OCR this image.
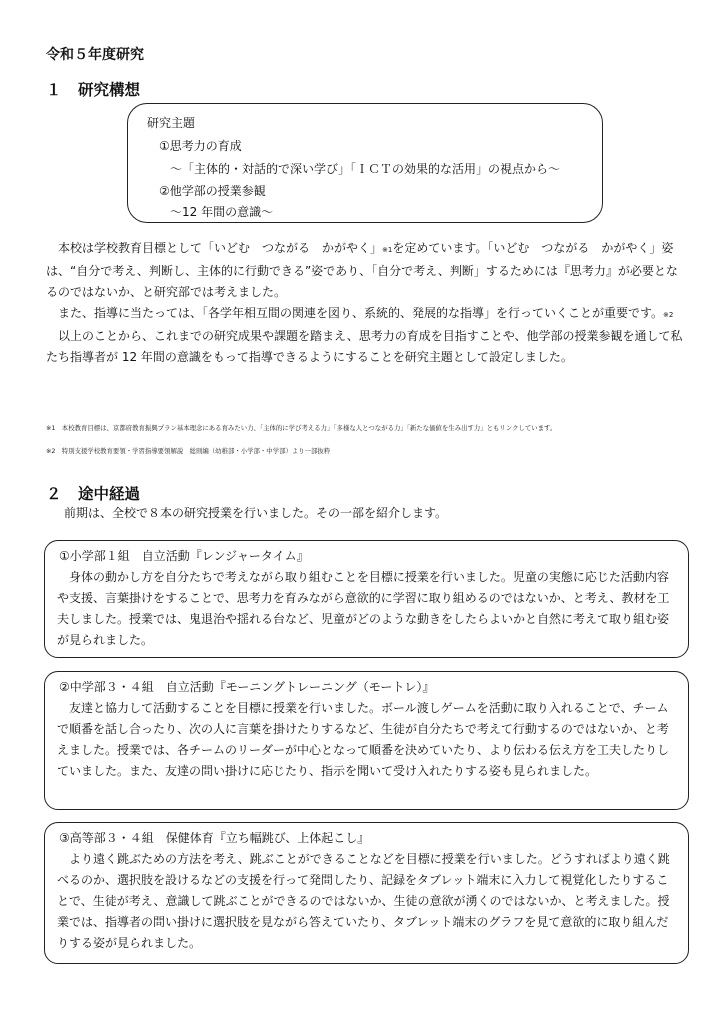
令和５年度研究
１ 研究構想
研究主題
①思考力の育成
～「主体的・対話的で深い学び」「ＩＣＴの効果的な活用」の視点から～
②他学部の授業参観
～12 年間の意識～

　本校は学校教育目標として「いどむ　つながる　かがやく」※1を定めています。「いどむ　つながる　かがやく」姿は、“自分で考え、判断し、主体的に行動できる”姿であり、「自分で考え、判断」するためには『思考力』が必要となるのではないか、と研究部では考えました。

　また、指導に当たっては、「各学年相互間の関連を図り、系統的、発展的な指導」を行っていくことが重要です。※2

　以上のことから、これまでの研究成果や課題を踏まえ、思考力の育成を目指すことや、他学部の授業参観を通して私たち指導者が 12 年間の意識をもって指導できるようにすることを研究主題として設定しました。

※1　本校教育目標は、京都府教育振興プラン基本理念にある育みたい力、「主体的に学び考える力」「多様な人とつながる力」「新たな価値を生み出す力」ともリンクしています。
※2　特別支援学校教育要領・学習指導要領解説　総則編（幼稚部・小学部・中学部）より一部抜粋
２ 途中経過
前期は、全校で８本の研究授業を行いました。その一部を紹介します。

①小学部１組　自立活動『レンジャータイム』

身体の動かし方を自分たちで考えながら取り組むことを目標に授業を行いました。児童の実態に応じた活動内容や支援、言葉掛けをすることで、思考力を育みながら意欲的に学習に取り組めるのではないか、と考え、教材を工夫しました。授業では、鬼退治や揺れる台など、児童がどのような動きをしたらよいかと自然に考えて取り組む姿が見られました。

②中学部３・４組　自立活動『モーニングトレーニング（モートレ）』

友達と協力して活動することを目標に授業を行いました。ボール渡しゲームを活動に取り入れることで、チームで順番を話し合ったり、次の人に言葉を掛けたりするなど、生徒が自分たちで考えて行動するのではないか、と考えました。授業では、各チームのリーダーが中心となって順番を決めていたり、より伝わる伝え方を工夫したりしていました。また、友達の問い掛けに応じたり、指示を聞いて受け入れたりする姿も見られました。

③高等部３・４組　保健体育『立ち幅跳び、上体起こし』

より遠く跳ぶための方法を考え、跳ぶことができることなどを目標に授業を行いました。どうすればより遠く跳べるのか、選択肢を設けるなどの支援を行って発問したり、記録をタブレット端末に入力して視覚化したりすることで、生徒が考え、意識して跳ぶことができるのではないか、生徒の意欲が湧くのではないか、と考えました。授業では、指導者の問い掛けに選択肢を見ながら答えていたり、タブレット端末のグラフを見て意欲的に取り組んだりする姿が見られました。
